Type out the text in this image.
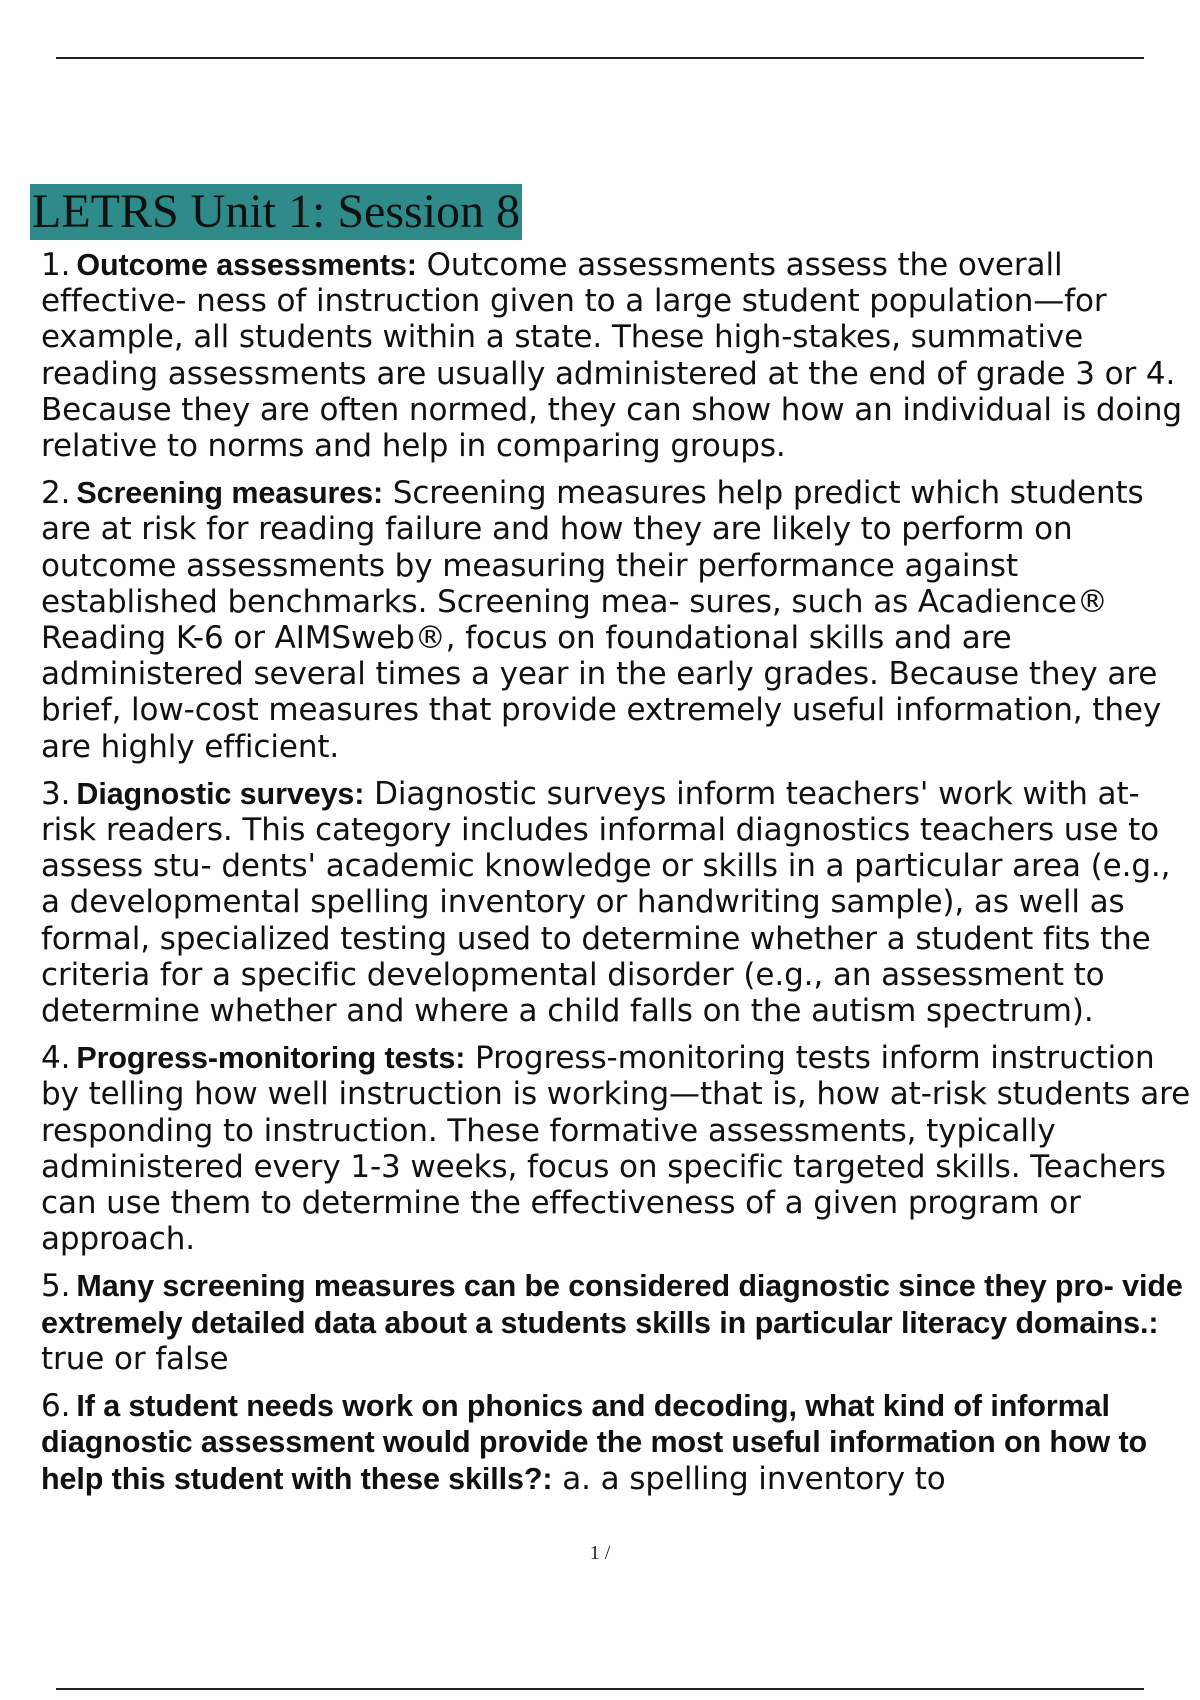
LETRS Unit 1: Session 8
1. Outcome assessments: Outcome assessments assess the overall effective- ness of instruction given to a large student population—for example, all students within a state. These high-stakes, summative reading assessments are usually administered at the end of grade 3 or 4. Because they are often normed, they can show how an individual is doing relative to norms and help in comparing groups.
2. Screening measures: Screening measures help predict which students are at risk for reading failure and how they are likely to perform on outcome assessments by measuring their performance against established benchmarks. Screening mea- sures, such as Acadience® Reading K-6 or AIMSweb®, focus on foundational skills and are administered several times a year in the early grades. Because they are brief, low-cost measures that provide extremely useful information, they are highly efficient.
3. Diagnostic surveys: Diagnostic surveys inform teachers' work with at-risk readers. This category includes informal diagnostics teachers use to assess stu- dents' academic knowledge or skills in a particular area (e.g., a developmental spelling inventory or handwriting sample), as well as formal, specialized testing used to determine whether a student fits the criteria for a specific developmental disorder (e.g., an assessment to determine whether and where a child falls on the autism spectrum).
4. Progress-monitoring tests: Progress-monitoring tests inform instruction by telling how well instruction is working—that is, how at-risk students are responding to instruction. These formative assessments, typically administered every 1-3 weeks, focus on specific targeted skills. Teachers can use them to determine the effectiveness of a given program or approach.
5. Many screening measures can be considered diagnostic since they pro- vide extremely detailed data about a students skills in particular literacy domains.: true or false
6. If a student needs work on phonics and decoding, what kind of informal diagnostic assessment would provide the most useful information on how to help this student with these skills?: a. a spelling inventory to
1 /
